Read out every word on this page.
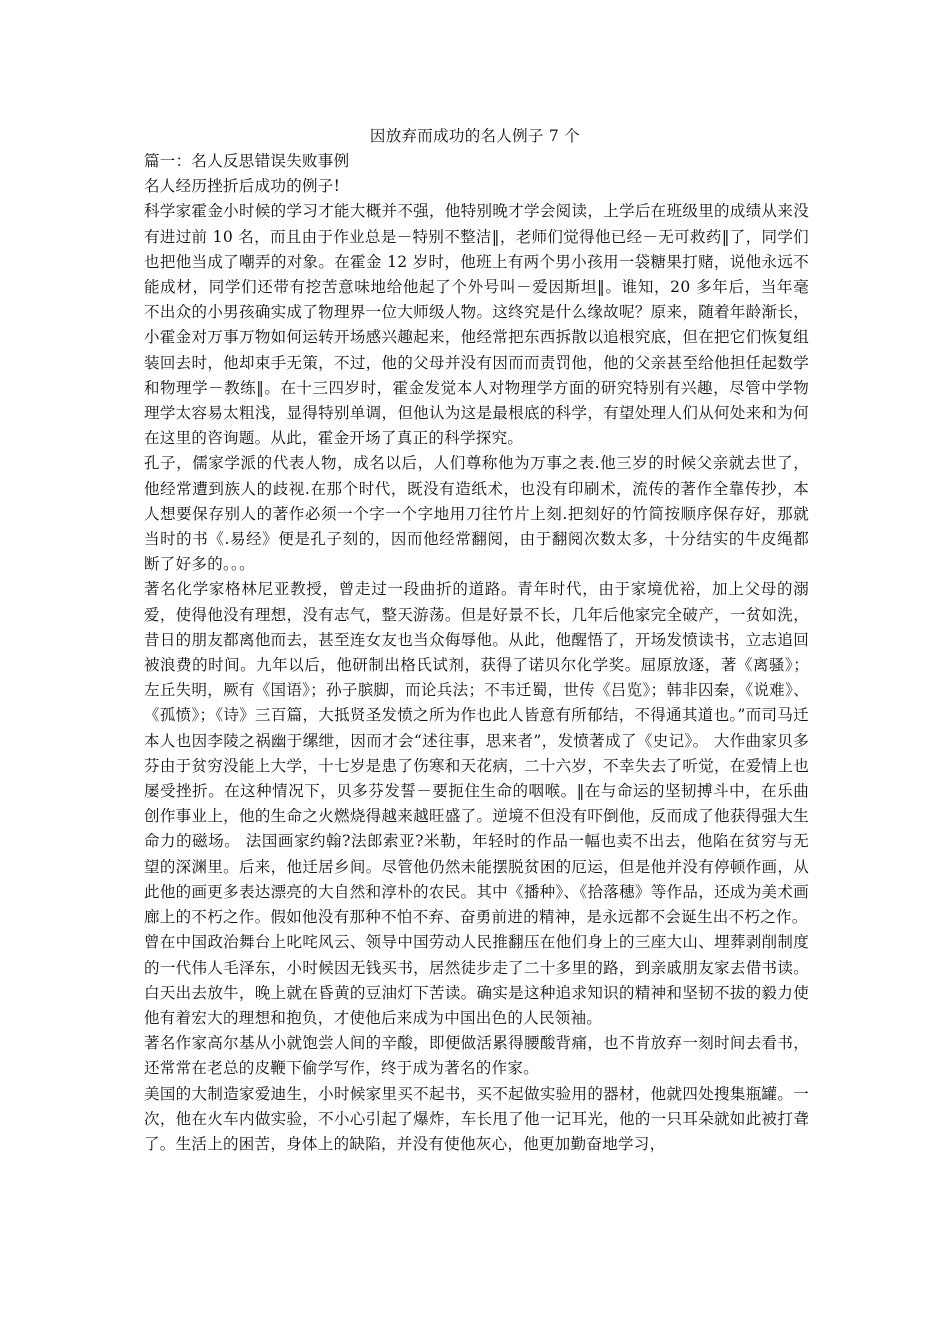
因放弃而成功的名人例子 7 个

篇一：名人反思错误失败事例

名人经历挫折后成功的例子!

科学家霍金小时候的学习才能大概并不强，他特别晚才学会阅读，上学后在班级里的成绩从来没有进过前 10 名，而且由于作业总是－特别不整洁‖，老师们觉得他已经－无可救药‖了，同学们也把他当成了嘲弄的对象。在霍金 12 岁时，他班上有两个男小孩用一袋糖果打赌，说他永远不能成材，同学们还带有挖苦意味地给他起了个外号叫－爱因斯坦‖。谁知，20 多年后，当年毫不出众的小男孩确实成了物理界一位大师级人物。这终究是什么缘故呢？原来，随着年龄渐长，小霍金对万事万物如何运转开场感兴趣起来，他经常把东西拆散以追根究底，但在把它们恢复组装回去时，他却束手无策，不过，他的父母并没有因而而责罚他，他的父亲甚至给他担任起数学和物理学－教练‖。在十三四岁时，霍金发觉本人对物理学方面的研究特别有兴趣，尽管中学物理学太容易太粗浅，显得特别单调，但他认为这是最根底的科学，有望处理人们从何处来和为何在这里的咨询题。从此，霍金开场了真正的科学探究。

孔子，儒家学派的代表人物，成名以后，人们尊称他为万事之表.他三岁的时候父亲就去世了，他经常遭到族人的歧视.在那个时代，既没有造纸术，也没有印刷术，流传的著作全靠传抄，本人想要保存别人的著作必须一个字一个字地用刀往竹片上刻.把刻好的竹简按顺序保存好，那就当时的书《.易经》便是孔子刻的，因而他经常翻阅，由于翻阅次数太多，十分结实的牛皮绳都断了好多的。。。

著名化学家格林尼亚教授，曾走过一段曲折的道路。青年时代，由于家境优裕，加上父母的溺爱，使得他没有理想，没有志气，整天游荡。但是好景不长，几年后他家完全破产，一贫如洗，昔日的朋友都离他而去，甚至连女友也当众侮辱他。从此，他醒悟了，开场发愤读书，立志追回被浪费的时间。九年以后，他研制出格氏试剂，获得了诺贝尔化学奖。屈原放逐，著《离骚》；左丘失明，厥有《国语》；孙子膑脚，而论兵法；不韦迁蜀，世传《吕览》；韩非囚秦，《说难》、《孤愤》；《诗》三百篇，大抵贤圣发愤之所为作也此人皆意有所郁结，不得通其道也。”而司马迁本人也因李陵之祸幽于缧绁，因而才会“述往事，思来者”，发愤著成了《史记》。 大作曲家贝多芬由于贫穷没能上大学，十七岁是患了伤寒和天花病，二十六岁，不幸失去了听觉，在爱情上也屡受挫折。在这种情况下，贝多芬发誓－要扼住生命的咽喉。‖在与命运的坚韧搏斗中，在乐曲创作事业上，他的生命之火燃烧得越来越旺盛了。逆境不但没有吓倒他，反而成了他获得强大生命力的磁场。 法国画家约翰?法郎索亚?米勒，年轻时的作品一幅也卖不出去，他陷在贫穷与无望的深渊里。后来，他迁居乡间。尽管他仍然未能摆脱贫困的厄运，但是他并没有停顿作画，从此他的画更多表达漂亮的大自然和淳朴的农民。其中《播种》、《拾落穗》等作品，还成为美术画廊上的不朽之作。假如他没有那种不怕不弃、奋勇前进的精神，是永远都不会诞生出不朽之作。

曾在中国政治舞台上叱咤风云、领导中国劳动人民推翻压在他们身上的三座大山、埋葬剥削制度的一代伟人毛泽东，小时候因无钱买书，居然徒步走了二十多里的路，到亲戚朋友家去借书读。白天出去放牛，晚上就在昏黄的豆油灯下苦读。确实是这种追求知识的精神和坚韧不拔的毅力使他有着宏大的理想和抱负，才使他后来成为中国出色的人民领袖。

著名作家高尔基从小就饱尝人间的辛酸，即便做活累得腰酸背痛，也不肯放弃一刻时间去看书，还常常在老总的皮鞭下偷学写作，终于成为著名的作家。

美国的大制造家爱迪生，小时候家里买不起书，买不起做实验用的器材，他就四处搜集瓶罐。一次，他在火车内做实验，不小心引起了爆炸，车长甩了他一记耳光，他的一只耳朵就如此被打聋了。生活上的困苦，身体上的缺陷，并没有使他灰心，他更加勤奋地学习，
